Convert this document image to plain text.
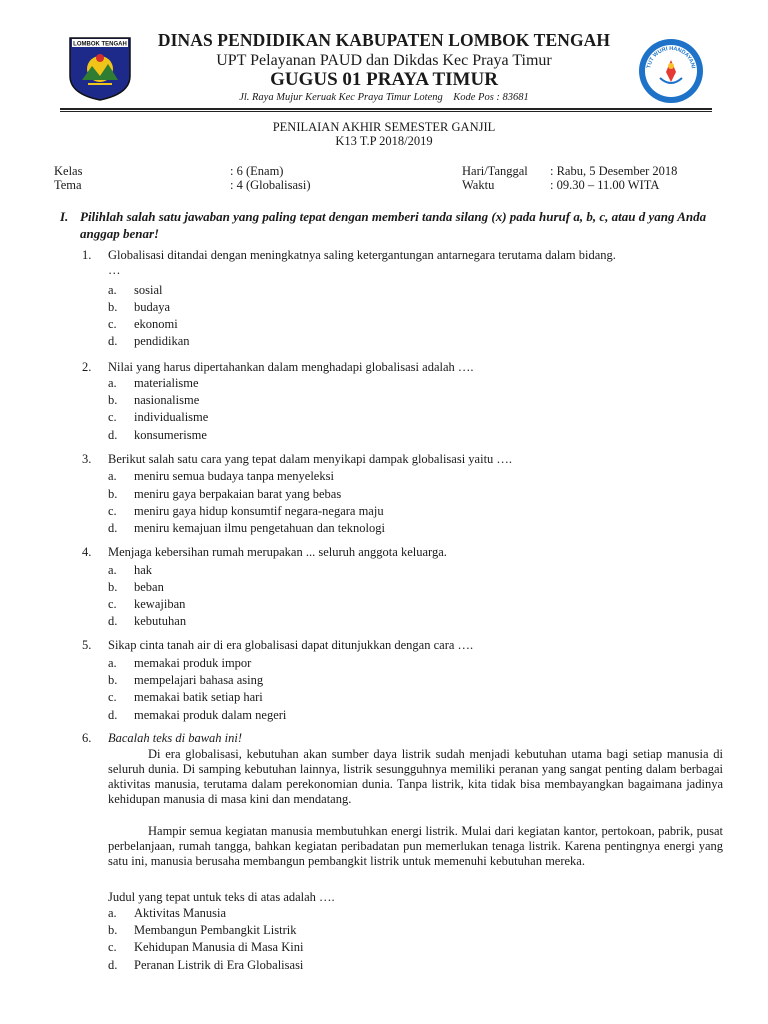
LOMBOK TENGAH
TUT WURI HANDAYANI
DINAS PENDIDIKAN KABUPATEN LOMBOK TENGAH
UPT Pelayanan PAUD dan Dikdas Kec Praya Timur
GUGUS 01 PRAYA TIMUR
Jl. Raya Mujur Keruak Kec Praya Timur Loteng    Kode Pos : 83681
PENILAIAN AKHIR SEMESTER GANJIL
K13 T.P 2018/2019
Kelas	: 6 (Enam)
Tema	: 4 (Globalisasi)
Hari/Tanggal : Rabu, 5 Desember 2018
Waktu	: 09.30 – 11.00 WITA
I. Pilihlah salah satu jawaban yang paling tepat dengan memberi tanda silang (x) pada huruf a, b, c, atau d yang Anda anggap benar!
1. Globalisasi ditandai dengan meningkatnya saling ketergantungan antarnegara terutama dalam bidang.
…
a. sosial
b. budaya
c. ekonomi
d. pendidikan
2. Nilai yang harus dipertahankan dalam menghadapi globalisasi adalah ….
a. materialisme
b. nasionalisme
c. individualisme
d. konsumerisme
3. Berikut salah satu cara yang tepat dalam menyikapi dampak globalisasi yaitu ….
a. meniru semua budaya tanpa menyeleksi
b. meniru gaya berpakaian barat yang bebas
c. meniru gaya hidup konsumtif negara-negara maju
d. meniru kemajuan ilmu pengetahuan dan teknologi
4. Menjaga kebersihan rumah merupakan ... seluruh anggota keluarga.
a. hak
b. beban
c. kewajiban
d. kebutuhan
5. Sikap cinta tanah air di era globalisasi dapat ditunjukkan dengan cara ….
a. memakai produk impor
b. mempelajari bahasa asing
c. memakai batik setiap hari
d. memakai produk dalam negeri
6. Bacalah teks di bawah ini!
Di era globalisasi, kebutuhan akan sumber daya listrik sudah menjadi kebutuhan utama bagi setiap manusia di seluruh dunia. Di samping kebutuhan lainnya, listrik sesungguhnya memiliki peranan yang sangat penting dalam berbagai aktivitas manusia, terutama dalam perekonomian dunia. Tanpa listrik, kita tidak bisa membayangkan bagaimana jadinya kehidupan manusia di masa kini dan mendatang.
Hampir semua kegiatan manusia membutuhkan energi listrik. Mulai dari kegiatan kantor, pertokoan, pabrik, pusat perbelanjaan, rumah tangga, bahkan kegiatan peribadatan pun memerlukan tenaga listrik. Karena pentingnya energi yang satu ini, manusia berusaha membangun pembangkit listrik untuk memenuhi kebutuhan mereka.
Judul yang tepat untuk teks di atas adalah ….
a. Aktivitas Manusia
b. Membangun Pembangkit Listrik
c. Kehidupan Manusia di Masa Kini
d. Peranan Listrik di Era Globalisasi
